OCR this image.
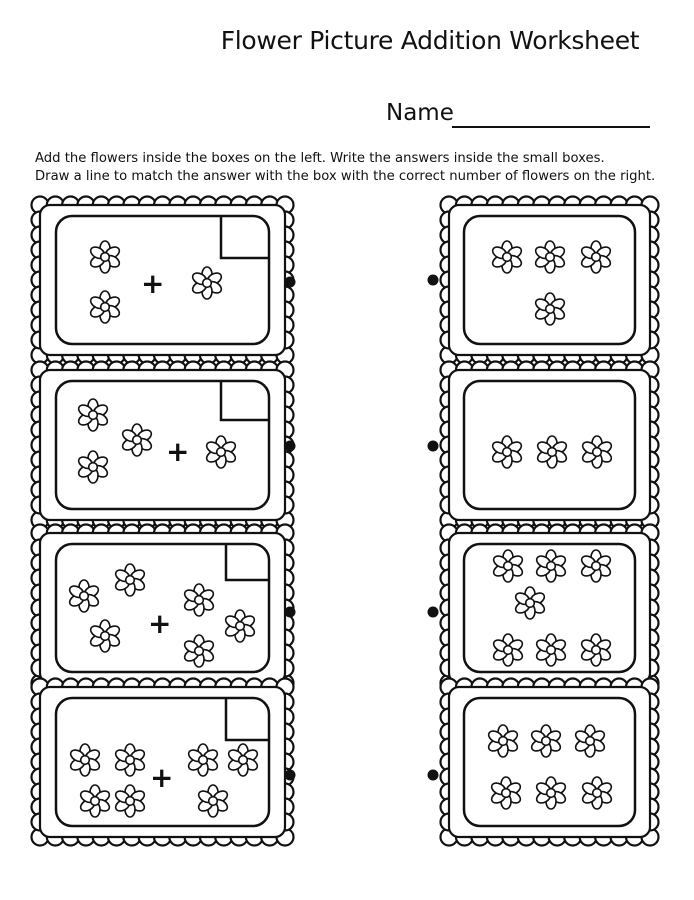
Flower Picture Addition Worksheet
Name
Add the flowers inside the boxes on the left. Write the answers inside the small boxes.
Draw a line to match the answer with the box with the correct number of flowers on the right.
+
+
+
+
